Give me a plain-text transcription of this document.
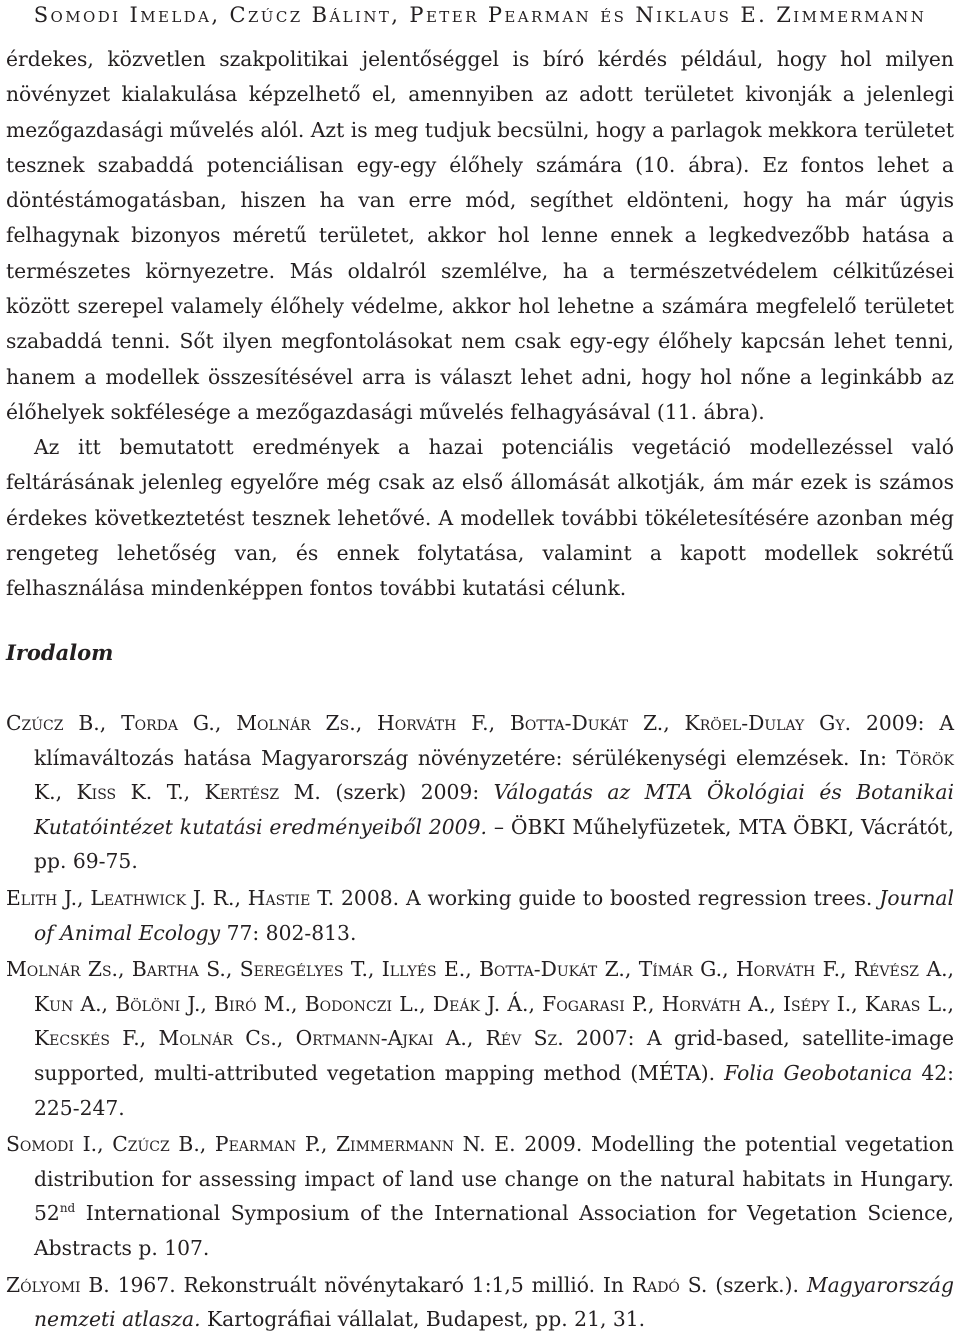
Somodi Imelda, Czúcz Bálint, Peter Pearman és Niklaus E. Zimmermann

érdekes, közvetlen szakpolitikai jelentőséggel is bíró kérdés például, hogy hol milyen növényzet kialakulása képzelhető el, amennyiben az adott területet kivonják a jelenlegi mezőgazdasági művelés alól. Azt is meg tudjuk becsülni, hogy a parlagok mekkora területet tesznek szabaddá potenciálisan egy-egy élőhely számára (10. ábra). Ez fontos lehet a döntéstámogatásban, hiszen ha van erre mód, segíthet eldönteni, hogy ha már úgyis felhagynak bizonyos méretű területet, akkor hol lenne ennek a legkedvezőbb hatása a természetes környezetre. Más oldalról szemlélve, ha a természetvédelem célkitűzései között szerepel valamely élőhely védelme, akkor hol lehetne a számára megfelelő területet szabaddá tenni. Sőt ilyen megfontolásokat nem csak egy-egy élőhely kapcsán lehet tenni, hanem a modellek összesítésével arra is választ lehet adni, hogy hol nőne a leginkább az élőhelyek sokfélesége a mezőgazdasági művelés felhagyásával (11. ábra).

Az itt bemutatott eredmények a hazai potenciális vegetáció modellezéssel való feltárásának jelenleg egyelőre még csak az első állomását alkotják, ám már ezek is számos érdekes következtetést tesznek lehetővé. A modellek további tökéletesítésére azonban még rengeteg lehetőség van, és ennek folytatása, valamint a kapott modellek sokrétű felhasználása mindenképpen fontos további kutatási célunk.

Irodalom
Czúcz B., Torda G., Molnár Zs., Horváth F., Botta-Dukát Z., Kröel-Dulay Gy. 2009: A klímaváltozás hatása Magyarország növényzetére: sérülékenységi elemzések. In: Török K., Kiss K. T., Kertész M. (szerk) 2009: Válogatás az MTA Ökológiai és Botanikai Kutatóintézet kutatási eredményeiből 2009. – ÖBKI Műhelyfüzetek, MTA ÖBKI, Vácrátót, pp. 69-75.
Elith J., Leathwick J. R., Hastie T. 2008. A working guide to boosted regression trees. Journal of Animal Ecology 77: 802-813.
Molnár Zs., Bartha S., Seregélyes T., Illyés E., Botta-Dukát Z., Tímár G., Horváth F., Révész A., Kun A., Bölöni J., Biró M., Bodonczi L., Deák J. Á., Fogarasi P., Horváth A., Isépy I., Karas L., Kecskés F., Molnár Cs., Ortmann-Ajkai A., Rév Sz. 2007: A grid-based, satellite-image supported, multi-attributed vegetation mapping method (MÉTA). Folia Geobotanica 42: 225-247.
Somodi I., Czúcz B., Pearman P., Zimmermann N. E. 2009. Modelling the potential vegetation distribution for assessing impact of land use change on the natural habitats in Hungary. 52nd International Symposium of the International Association for Vegetation Science, Abstracts p. 107.
Zólyomi B. 1967. Rekonstruált növénytakaró 1:1,5 millió. In Radó S. (szerk.). Magyarország nemzeti atlasza. Kartográfiai vállalat, Budapest, pp. 21, 31.
